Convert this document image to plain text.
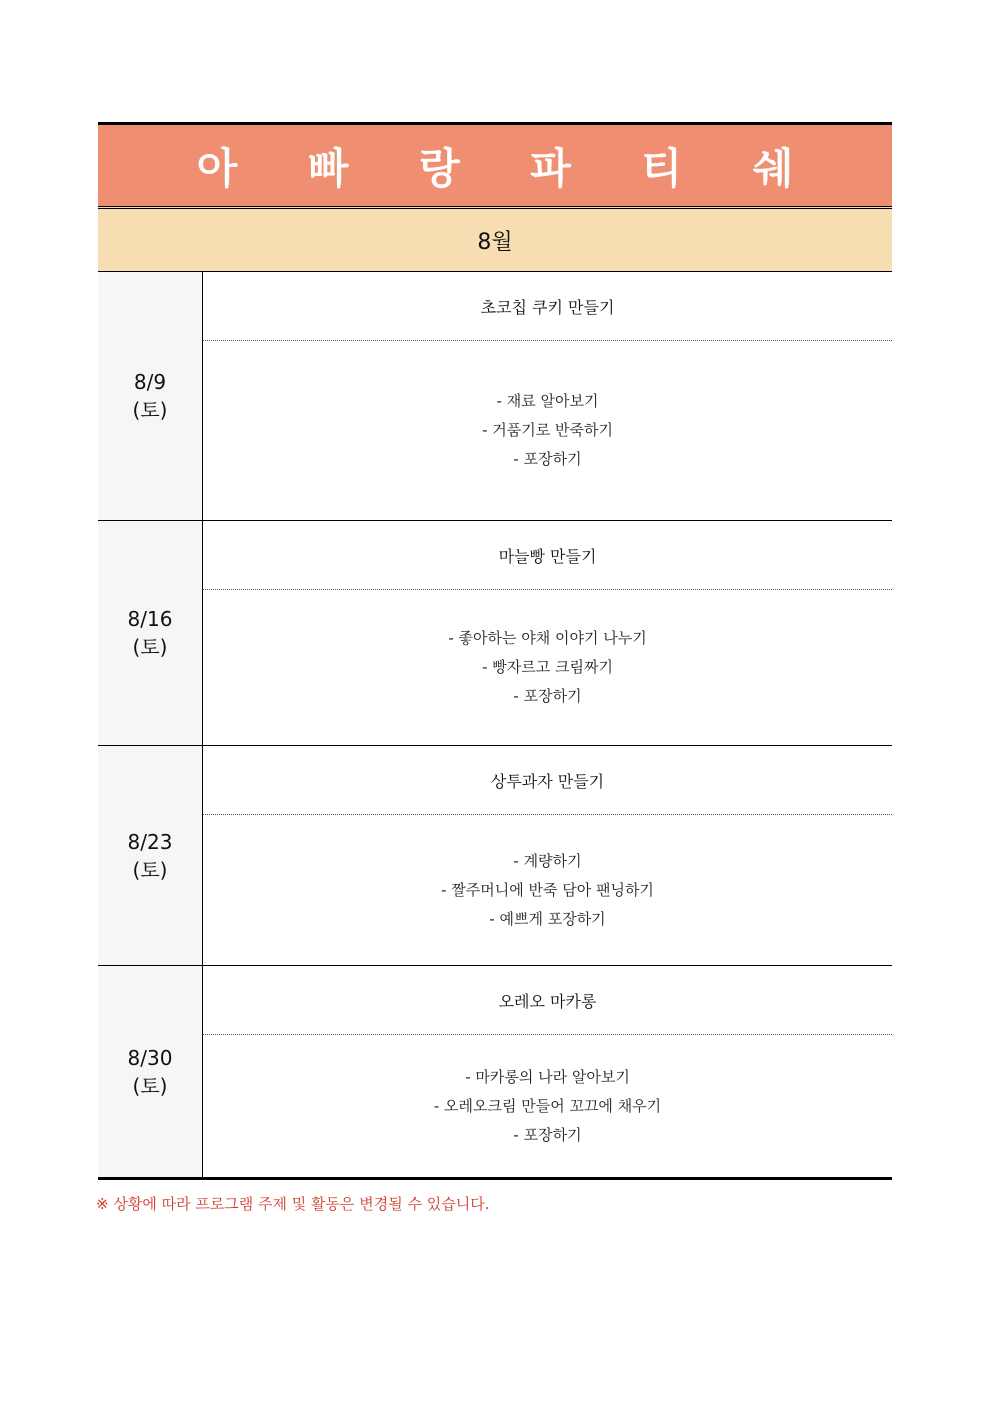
아 빠 랑 파 티 쉐
8월
8/9
(토)
초코칩 쿠키 만들기
- 재료 알아보기
- 거품기로 반죽하기
- 포장하기
8/16
(토)
마늘빵 만들기
- 좋아하는 야채 이야기 나누기
- 빵자르고 크림짜기
- 포장하기
8/23
(토)
상투과자 만들기
- 계량하기
- 짤주머니에 반죽 담아 팬닝하기
- 예쁘게 포장하기
8/30
(토)
오레오 마카롱
- 마카롱의 나라 알아보기
- 오레오크림 만들어 꼬끄에 채우기
- 포장하기
※ 상황에 따라 프로그램 주제 및 활동은 변경될 수 있습니다.
